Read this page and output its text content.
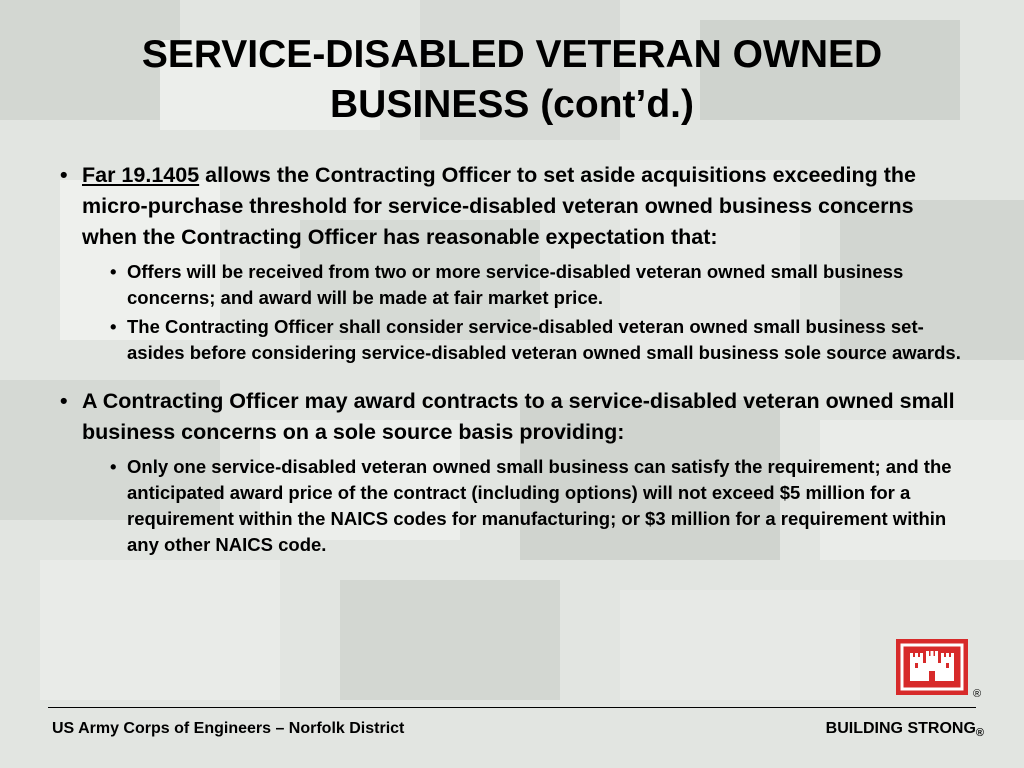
SERVICE-DISABLED VETERAN OWNED BUSINESS (cont’d.)
• Far 19.1405 allows the Contracting Officer to set aside acquisitions exceeding the micro-purchase threshold for service-disabled veteran owned business concerns when the Contracting Officer has reasonable expectation that:
• Offers will be received from two or more service-disabled veteran owned small business concerns; and award will be made at fair market price.
• The Contracting Officer shall consider service-disabled veteran owned small business set-asides before considering service-disabled veteran owned small business sole source awards.
• A Contracting Officer may award contracts to a service-disabled veteran owned small business concerns on a sole source basis providing:
• Only one service-disabled veteran owned small business can satisfy the requirement; and the anticipated award price of the contract (including options) will not exceed $5 million for a requirement within the NAICS codes for manufacturing; or $3 million for a requirement within any other NAICS code.
®
US Army Corps of Engineers – Norfolk District	BUILDING $STRONG_®$
